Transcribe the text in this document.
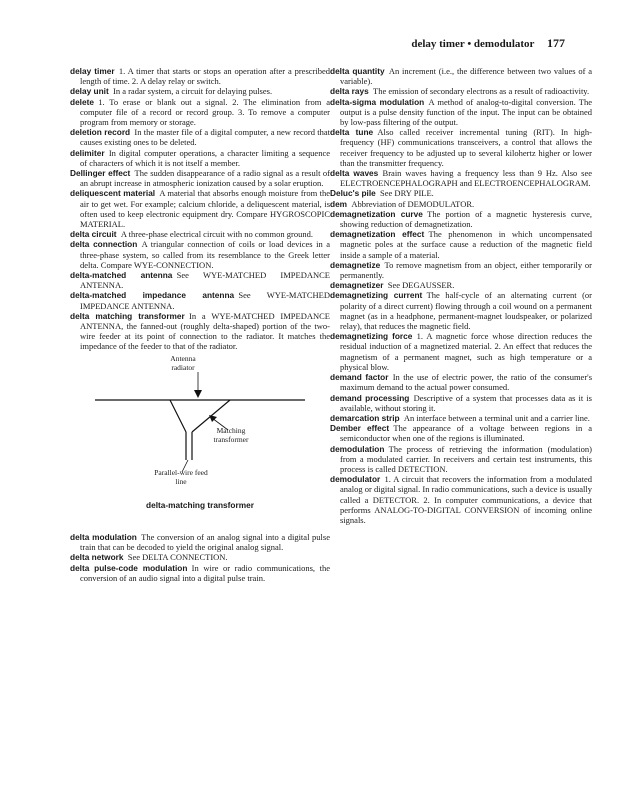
delay timer • demodulator 177

delay timer  1. A timer that starts or stops an operation after a prescribed length of time. 2. A delay relay or switch.

delay unit  In a radar system, a circuit for delaying pulses.

delete  1. To erase or blank out a signal. 2. The elimination from a computer file of a record or record group. 3. To remove a computer program from memory or storage.

deletion record  In the master file of a digital computer, a new record that causes existing ones to be deleted.

delimiter  In digital computer operations, a character limiting a sequence of characters of which it is not itself a member.

Dellinger effect  The sudden disappearance of a radio signal as a result of an abrupt increase in atmospheric ionization caused by a solar eruption.

deliquescent material  A material that absorbs enough moisture from the air to get wet. For example; calcium chloride, a deliquescent material, is often used to keep electronic equipment dry. Compare HYGROSCOPIC MATERIAL.

delta circuit  A three-phase electrical circuit with no common ground.

delta connection  A triangular connection of coils or load devices in a three-phase system, so called from its resemblance to the Greek letter delta. Compare WYE-CONNECTION.

delta-matched antenna  See WYE-MATCHED IMPEDANCE ANTENNA.

delta-matched impedance antenna  See WYE-MATCHED IMPEDANCE ANTENNA.

delta matching transformer  In a WYE-MATCHED IMPEDANCE ANTENNA, the fanned-out (roughly delta-shaped) portion of the two-wire feeder at its point of connection to the radiator. It matches the impedance of the feeder to that of the radiator.

Antenna radiator
Matching transformer
Parallel-wire feed line
delta-matching transformer

delta modulation  The conversion of an analog signal into a digital pulse train that can be decoded to yield the original analog signal.

delta network  See DELTA CONNECTION.

delta pulse-code modulation  In wire or radio communications, the conversion of an audio signal into a digital pulse train.

delta quantity  An increment (i.e., the difference between two values of a variable).

delta rays  The emission of secondary electrons as a result of radioactivity.

delta-sigma modulation  A method of analog-to-digital conversion. The output is a pulse density function of the input. The input can be obtained by low-pass filtering of the output.

delta tune  Also called receiver incremental tuning (RIT). In high-frequency (HF) communications transceivers, a control that allows the receiver frequency to be adjusted up to several kilohertz higher or lower than the transmitter frequency.

delta waves  Brain waves having a frequency less than 9 Hz. Also see ELECTROENCEPHALOGRAPH and ELECTROENCEPHALOGRAM.

Deluc's pile  See DRY PILE.

dem  Abbreviation of DEMODULATOR.

demagnetization curve  The portion of a magnetic hysteresis curve, showing reduction of demagnetization.

demagnetization effect  The phenomenon in which uncompensated magnetic poles at the surface cause a reduction of the magnetic field inside a sample of a material.

demagnetize  To remove magnetism from an object, either temporarily or permanently.

demagnetizer  See DEGAUSSER.

demagnetizing current  The half-cycle of an alternating current (or polarity of a direct current) flowing through a coil wound on a permanent magnet (as in a headphone, permanent-magnet loudspeaker, or polarized relay), that reduces the magnetic field.

demagnetizing force  1. A magnetic force whose direction reduces the residual induction of a magnetized material. 2. An effect that reduces the magnetism of a permanent magnet, such as high temperature or a physical blow.

demand factor  In the use of electric power, the ratio of the consumer's maximum demand to the actual power consumed.

demand processing  Descriptive of a system that processes data as it is available, without storing it.

demarcation strip  An interface between a terminal unit and a carrier line.

Dember effect  The appearance of a voltage between regions in a semiconductor when one of the regions is illuminated.

demodulation  The process of retrieving the information (modulation) from a modulated carrier. In receivers and certain test instruments, this process is called DETECTION.

demodulator  1. A circuit that recovers the information from a modulated analog or digital signal. In radio communications, such a device is usually called a DETECTOR. 2. In computer communications, a device that performs ANALOG-TO-DIGITAL CONVERSION of incoming online signals.
